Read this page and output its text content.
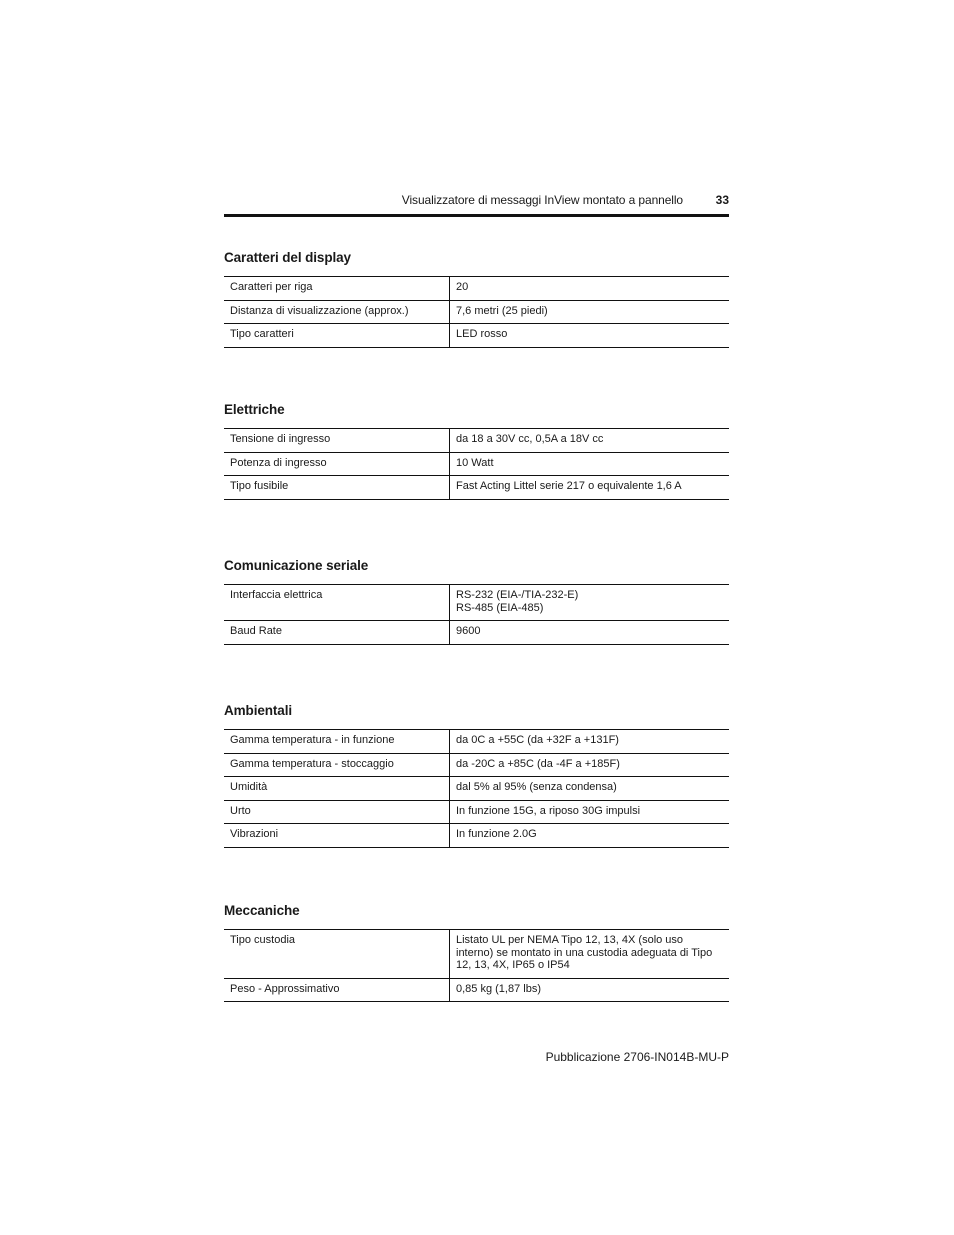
Visualizzatore di messaggi InView montato a pannello	33
Caratteri del display
Caratteri per riga	20
Distanza di visualizzazione (approx.)	7,6 metri (25 piedi)
Tipo caratteri	LED rosso
Elettriche
Tensione di ingresso	da 18 a 30V cc, 0,5A a 18V cc
Potenza di ingresso	10 Watt
Tipo fusibile	Fast Acting Littel serie 217 o equivalente 1,6 A
Comunicazione seriale
Interfaccia elettrica	RS-232 (EIA-/TIA-232-E)
RS-485 (EIA-485)

Baud Rate	9600
Ambientali
Gamma temperatura - in funzione	da 0C a +55C (da +32F a +131F)
Gamma temperatura - stoccaggio	da -20C a +85C (da -4F a +185F)
Umidità	dal 5% al 95% (senza condensa)
Urto	In funzione 15G, a riposo 30G impulsi
Vibrazioni	In funzione 2.0G
Meccaniche
Tipo custodia	Listato UL per NEMA Tipo 12, 13, 4X (solo uso interno) se montato in una custodia adeguata di Tipo 12, 13, 4X, IP65 o IP54
Peso - Approssimativo	0,85 kg (1,87 lbs)
Pubblicazione 2706-IN014B-MU-P
